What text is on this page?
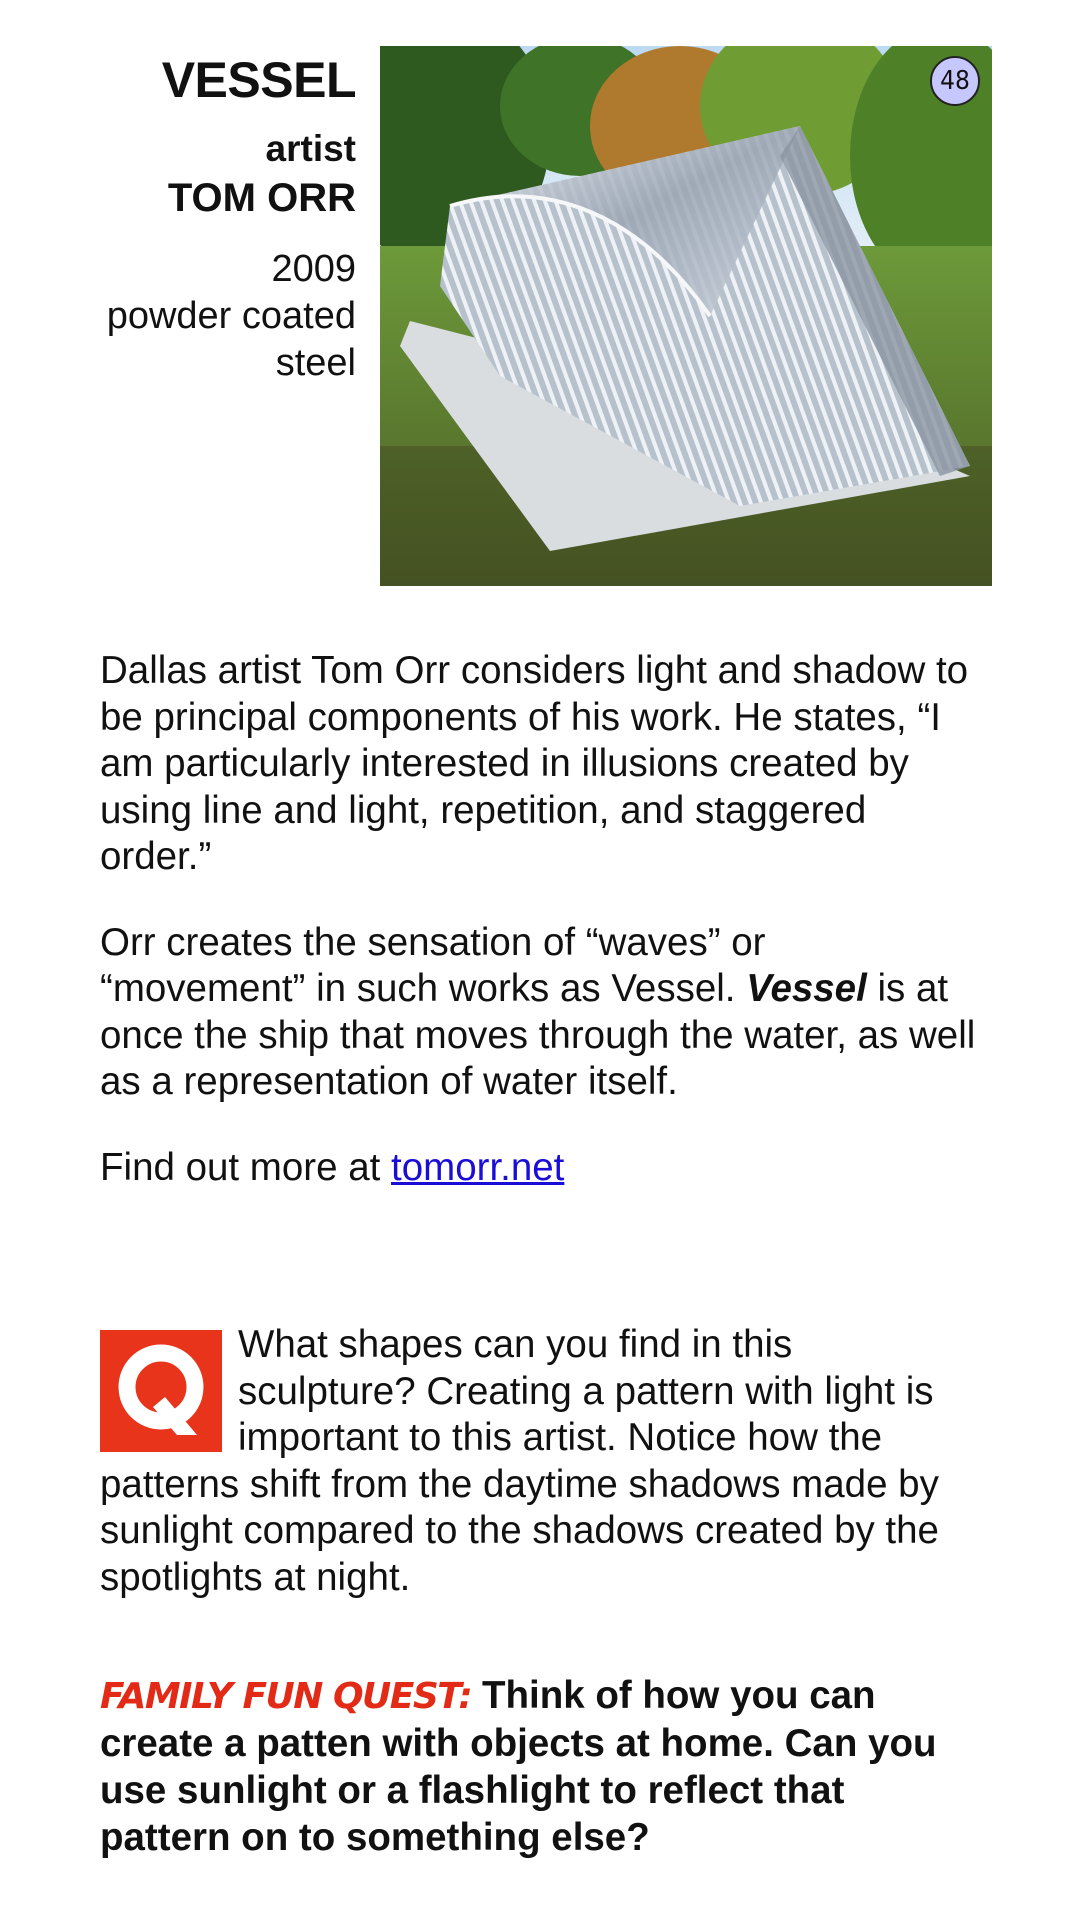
VESSEL
artist
TOM ORR
2009
powder coated
steel
48

Dallas artist Tom Orr considers light and shadow to be principal components of his work. He states, “I am particularly interested in illusions created by using line and light, repetition, and staggered order.”

Orr creates the sensation of “waves” or “movement” in such works as Vessel. Vessel is at once the ship that moves through the water, as well as a representation of water itself.

Find out more at tomorr.net

What shapes can you find in this sculpture? Creating a pattern with light is important to this artist. Notice how the patterns shift from the daytime shadows made by sunlight compared to the shadows created by the spotlights at night.
FAMILY FUN QUEST: Think of how you can create a patten with objects at home. Can you use sunlight or a flashlight to reflect that pattern on to something else?
